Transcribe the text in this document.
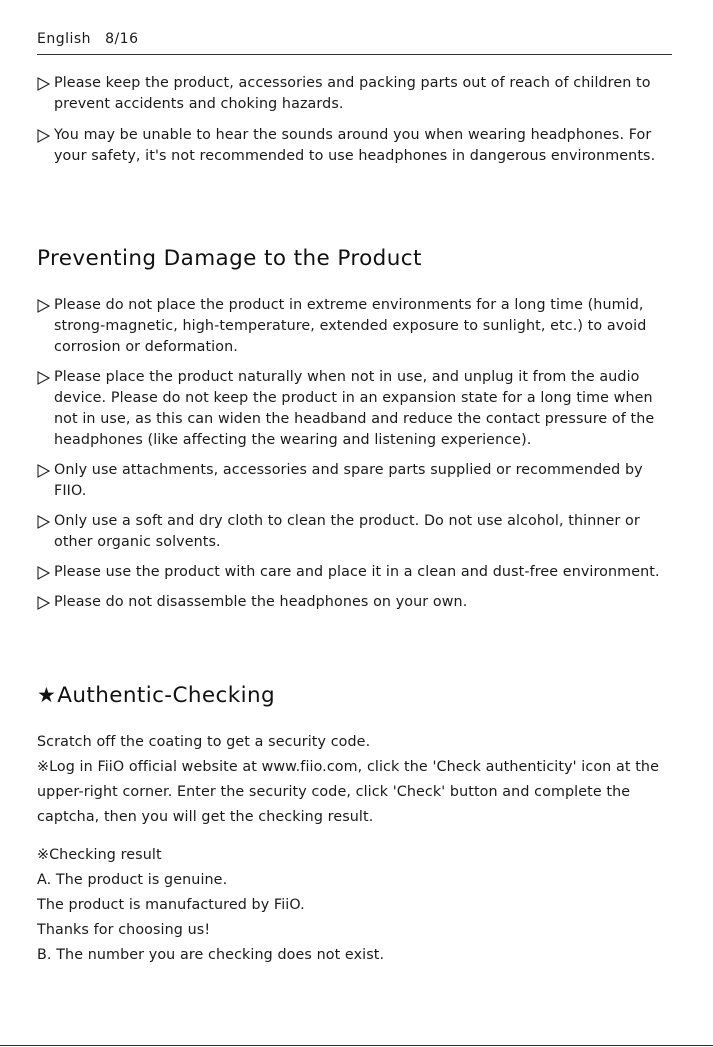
English 8/16
Please keep the product, accessories and packing parts out of reach of children to prevent accidents and choking hazards.
You may be unable to hear the sounds around you when wearing headphones. For your safety, it's not recommended to use headphones in dangerous environments.
Preventing Damage to the Product
Please do not place the product in extreme environments for a long time (humid, strong-magnetic, high-temperature, extended exposure to sunlight, etc.) to avoid corrosion or deformation.
Please place the product naturally when not in use, and unplug it from the audio device. Please do not keep the product in an expansion state for a long time when not in use, as this can widen the headband and reduce the contact pressure of the headphones (like affecting the wearing and listening experience).
Only use attachments, accessories and spare parts supplied or recommended by FIIO.
Only use a soft and dry cloth to clean the product. Do not use alcohol, thinner or other organic solvents.
Please use the product with care and place it in a clean and dust-free environment.
Please do not disassemble the headphones on your own.
★Authentic-Checking
Scratch off the coating to get a security code.
※Log in FiiO official website at www.fiio.com, click the 'Check authenticity' icon at the
upper-right corner. Enter the security code, click 'Check' button and complete the
captcha, then you will get the checking result.
※Checking result
A. The product is genuine.
The product is manufactured by FiiO.
Thanks for choosing us!
B. The number you are checking does not exist.
